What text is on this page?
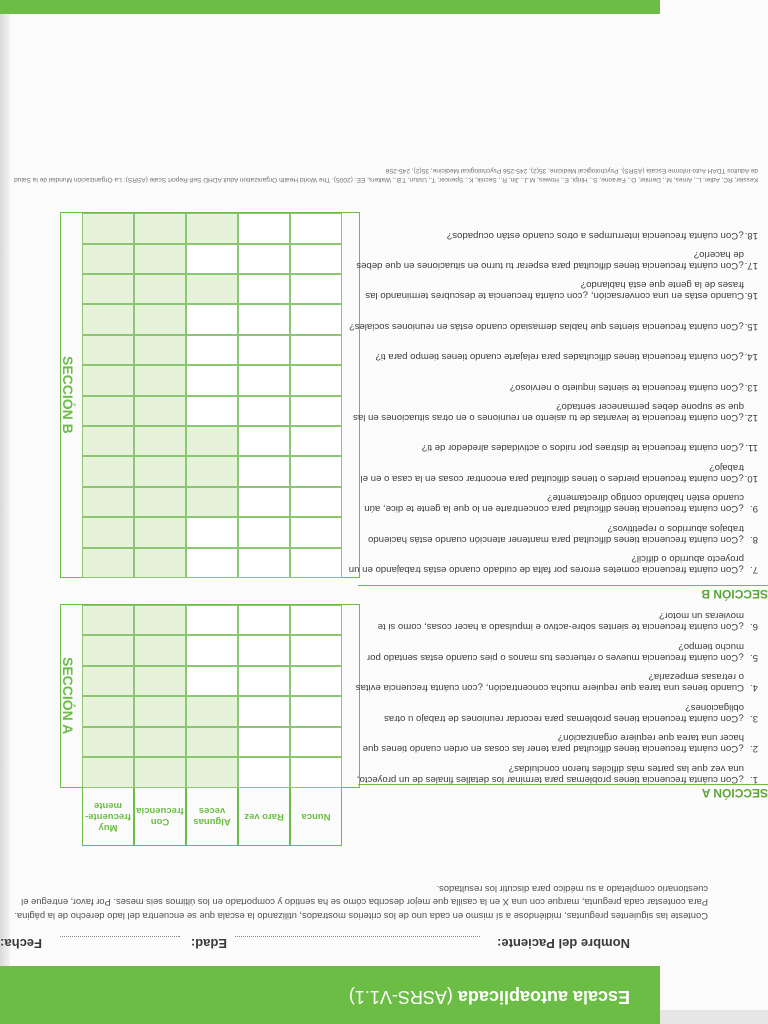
Escala autoaplicada (ASRS-V1.1)
Nombre del Paciente:
Edad:
Fecha:
Conteste las siguientes preguntas, midiéndose a sí mismo en cada uno de los criterios mostrados, utilizando la escala que se encuentra del lado derecho de la página. Para contestar cada pregunta, marque con una X en la casilla que mejor describa cómo se ha sentido y comportado en los últimos seis meses. Por favor, entregue el cuestionario completado a su médico para discutir los resultados.
SECCIÓN A
Nunca
Raro vez
Algunas veces
Con frecuencia
Muy frecuente-mente
SECCIÓN A
1.
¿Con cuánta frecuencia tienes problemas para terminar los detalles finales de un proyecto, una vez que las partes más difíciles fueron concluidas?
2.
¿Con cuánta frecuencia tienes dificultad para tener las cosas en orden cuando tienes que hacer una tarea que requiere organización?
3.
¿Con cuánta frecuencia tienes problemas para recordar reuniones de trabajo u otras obligaciones?
4.
Cuando tienes una tarea que requiere mucha concentración, ¿con cuánta frecuencia evitas o retrasas empezarla?
5.
¿Con cuánta frecuencia mueves o retuerces tus manos o pies cuando estas sentado por mucho tiempo?
6.
¿Con cuánta frecuencia te sientes sobre-activo e impulsado a hacer cosas, como si te movieras un motor?
SECCIÓN B
SECCIÓN B
7.
¿Con cuánta frecuencia cometes errores por falta de cuidado cuando estás trabajando en un proyecto aburrido o difícil?
8.
¿Con cuánta frecuencia tienes dificultad para mantener atención cuando estás haciendo trabajos aburridos o repetitivos?
9.
¿Con cuánta frecuencia tienes dificultad para concentrarte en lo que la gente te dice, aún cuando estén hablando contigo directamente?
10.
¿Con cuánta frecuencia pierdes o tienes dificultad para encontrar cosas en la casa o en el trabajo?
11.
¿Con cuánta frecuencia te distraes por ruidos o actividades alrededor de ti?
12.
¿Con cuánta frecuencia te levantas de tu asiento en reuniones o en otras situaciones en las que se supone debes permanecer sentado?
13.
¿Con cuánta frecuencia te sientes inquieto o nervioso?
14.
¿Con cuánta frecuencia tienes dificultades para relajarte cuando tienes tiempo para ti?
15.
¿Con cuánta frecuencia sientes que hablas demasiado cuando estás en reuniones sociales?
16.
Cuando estás en una conversación, ¿con cuánta frecuencia te descubres terminando las frases de la gente que está hablando?
17.
¿Con cuánta frecuencia tienes dificultad para esperar tu turno en situaciones en que debes de hacerlo?
18.
¿Con cuánta frecuencia interrumpes a otros cuando están ocupados?
Kessler, RC, Adler, L., Ames, M., Demler, O., Faraone, S., Hiripi, E., Howes, M.J., Jin, R., Secnik, K., Spencer, T., Ustun, T.B., Walters, EE. (2005). The World Health Organization Adult ADHD Self-Report Scale (ASRS): La Organización Mundial de la Salud de Adultos TDAH Auto-Informe Escala (ASRS). Psychological Medicine, 35(2), 245-256 Psychological Medicine, 35(2), 245-256
